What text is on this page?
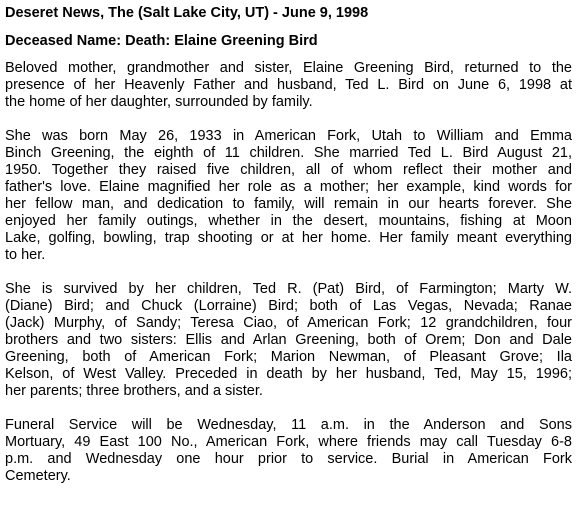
Deseret News, The (Salt Lake City, UT) - June 9, 1998
Deceased Name: Death: Elaine Greening Bird
Beloved mother, grandmother and sister, Elaine Greening Bird, returned to the
presence of her Heavenly Father and husband, Ted L. Bird on June 6, 1998 at
the home of her daughter, surrounded by family.
She was born May 26, 1933 in American Fork, Utah to William and Emma
Binch Greening, the eighth of 11 children. She married Ted L. Bird August 21,
1950. Together they raised five children, all of whom reflect their mother and
father's love. Elaine magnified her role as a mother; her example, kind words for
her fellow man, and dedication to family, will remain in our hearts forever. She
enjoyed her family outings, whether in the desert, mountains, fishing at Moon
Lake, golfing, bowling, trap shooting or at her home. Her family meant everything
to her.
She is survived by her children, Ted R. (Pat) Bird, of Farmington; Marty W.
(Diane) Bird; and Chuck (Lorraine) Bird; both of Las Vegas, Nevada; Ranae
(Jack) Murphy, of Sandy; Teresa Ciao, of American Fork; 12 grandchildren, four
brothers and two sisters: Ellis and Arlan Greening, both of Orem; Don and Dale
Greening, both of American Fork; Marion Newman, of Pleasant Grove; Ila
Kelson, of West Valley. Preceded in death by her husband, Ted, May 15, 1996;
her parents; three brothers, and a sister.
Funeral Service will be Wednesday, 11 a.m. in the Anderson and Sons
Mortuary, 49 East 100 No., American Fork, where friends may call Tuesday 6-8
p.m. and Wednesday one hour prior to service. Burial in American Fork
Cemetery.
